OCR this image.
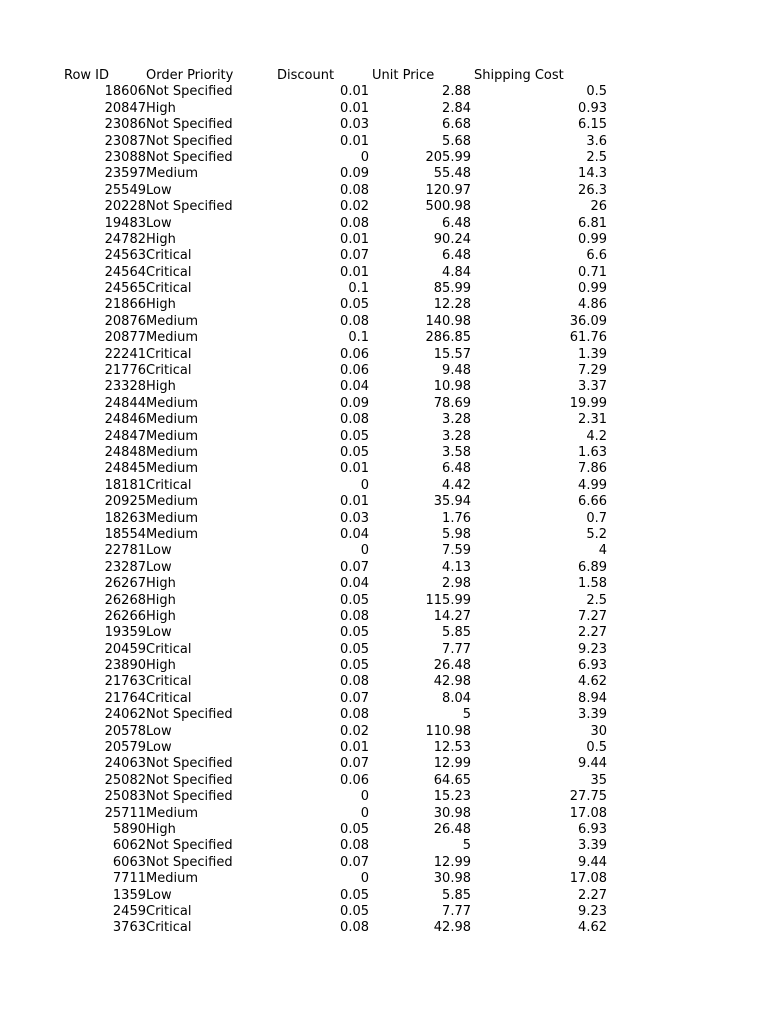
Row ID	Order Priority	Discount	Unit Price	Shipping Cost
18606 Not Specified	0.01	2.88	0.5
20847 High	0.01	2.84	0.93
23086 Not Specified	0.03	6.68	6.15
23087 Not Specified	0.01	5.68	3.6
23088 Not Specified	0	205.99	2.5
23597 Medium	0.09	55.48	14.3
25549 Low	0.08	120.97	26.3
20228 Not Specified	0.02	500.98	26
19483 Low	0.08	6.48	6.81
24782 High	0.01	90.24	0.99
24563 Critical	0.07	6.48	6.6
24564 Critical	0.01	4.84	0.71
24565 Critical	0.1	85.99	0.99
21866 High	0.05	12.28	4.86
20876 Medium	0.08	140.98	36.09
20877 Medium	0.1	286.85	61.76
22241 Critical	0.06	15.57	1.39
21776 Critical	0.06	9.48	7.29
23328 High	0.04	10.98	3.37
24844 Medium	0.09	78.69	19.99
24846 Medium	0.08	3.28	2.31
24847 Medium	0.05	3.28	4.2
24848 Medium	0.05	3.58	1.63
24845 Medium	0.01	6.48	7.86
18181 Critical	0	4.42	4.99
20925 Medium	0.01	35.94	6.66
18263 Medium	0.03	1.76	0.7
18554 Medium	0.04	5.98	5.2
22781 Low	0	7.59	4
23287 Low	0.07	4.13	6.89
26267 High	0.04	2.98	1.58
26268 High	0.05	115.99	2.5
26266 High	0.08	14.27	7.27
19359 Low	0.05	5.85	2.27
20459 Critical	0.05	7.77	9.23
23890 High	0.05	26.48	6.93
21763 Critical	0.08	42.98	4.62
21764 Critical	0.07	8.04	8.94
24062 Not Specified	0.08	5	3.39
20578 Low	0.02	110.98	30
20579 Low	0.01	12.53	0.5
24063 Not Specified	0.07	12.99	9.44
25082 Not Specified	0.06	64.65	35
25083 Not Specified	0	15.23	27.75
25711 Medium	0	30.98	17.08
5890 High	0.05	26.48	6.93
6062 Not Specified	0.08	5	3.39
6063 Not Specified	0.07	12.99	9.44
7711 Medium	0	30.98	17.08
1359 Low	0.05	5.85	2.27
2459 Critical	0.05	7.77	9.23
3763 Critical	0.08	42.98	4.62
